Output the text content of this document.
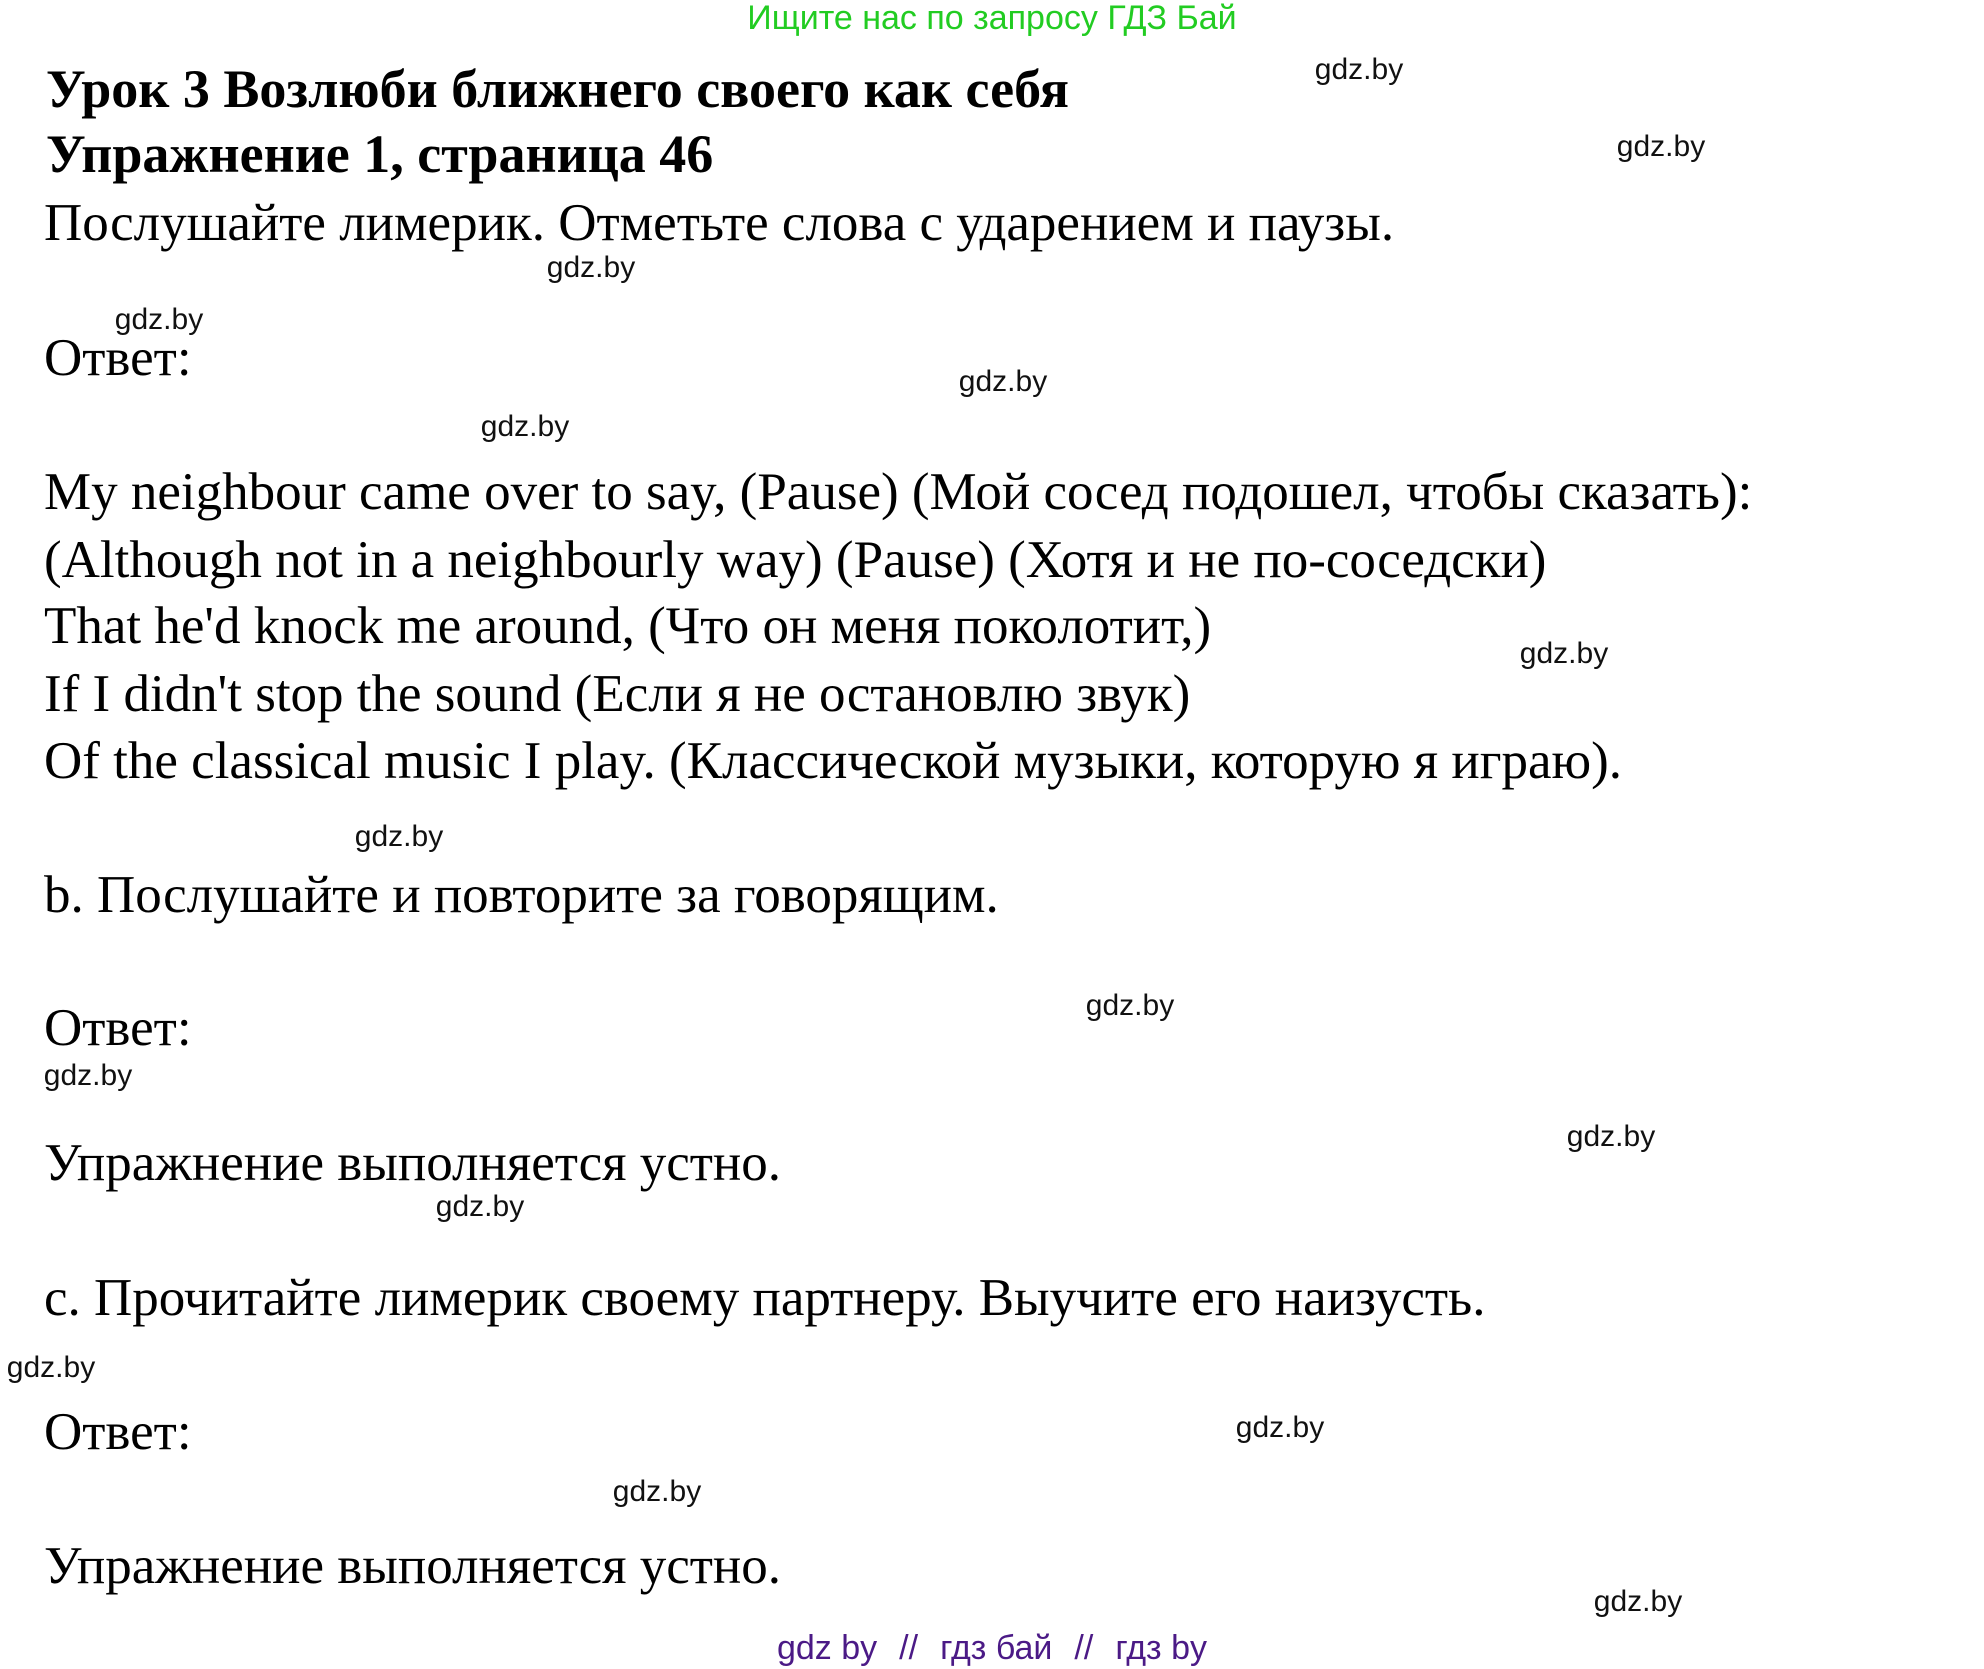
Ищите нас по запросу ГДЗ Бай
Урок 3 Возлюби ближнего своего как себя
Упражнение 1, страница 46
Послушайте лимерик. Отметьте слова с ударением и паузы.
Ответ:
My neighbour came over to say, (Pause) (Мой сосед подошел, чтобы сказать):
(Although not in a neighbourly way) (Pause) (Хотя и не по-соседски)
That he'd knock me around, (Что он меня поколотит,)
If I didn't stop the sound (Если я не остановлю звук)
Of the classical music I play. (Классической музыки, которую я играю).
b. Послушайте и повторите за говорящим.
Ответ:
Упражнение выполняется устно.
c. Прочитайте лимерик своему партнеру. Выучите его наизусть.
Ответ:
Упражнение выполняется устно.
gdz.by
gdz.by
gdz.by
gdz.by
gdz.by
gdz.by
gdz.by
gdz.by
gdz.by
gdz.by
gdz.by
gdz.by
gdz.by
gdz.by
gdz.by
gdz.by
gdz by // гдз бай // гдз by
